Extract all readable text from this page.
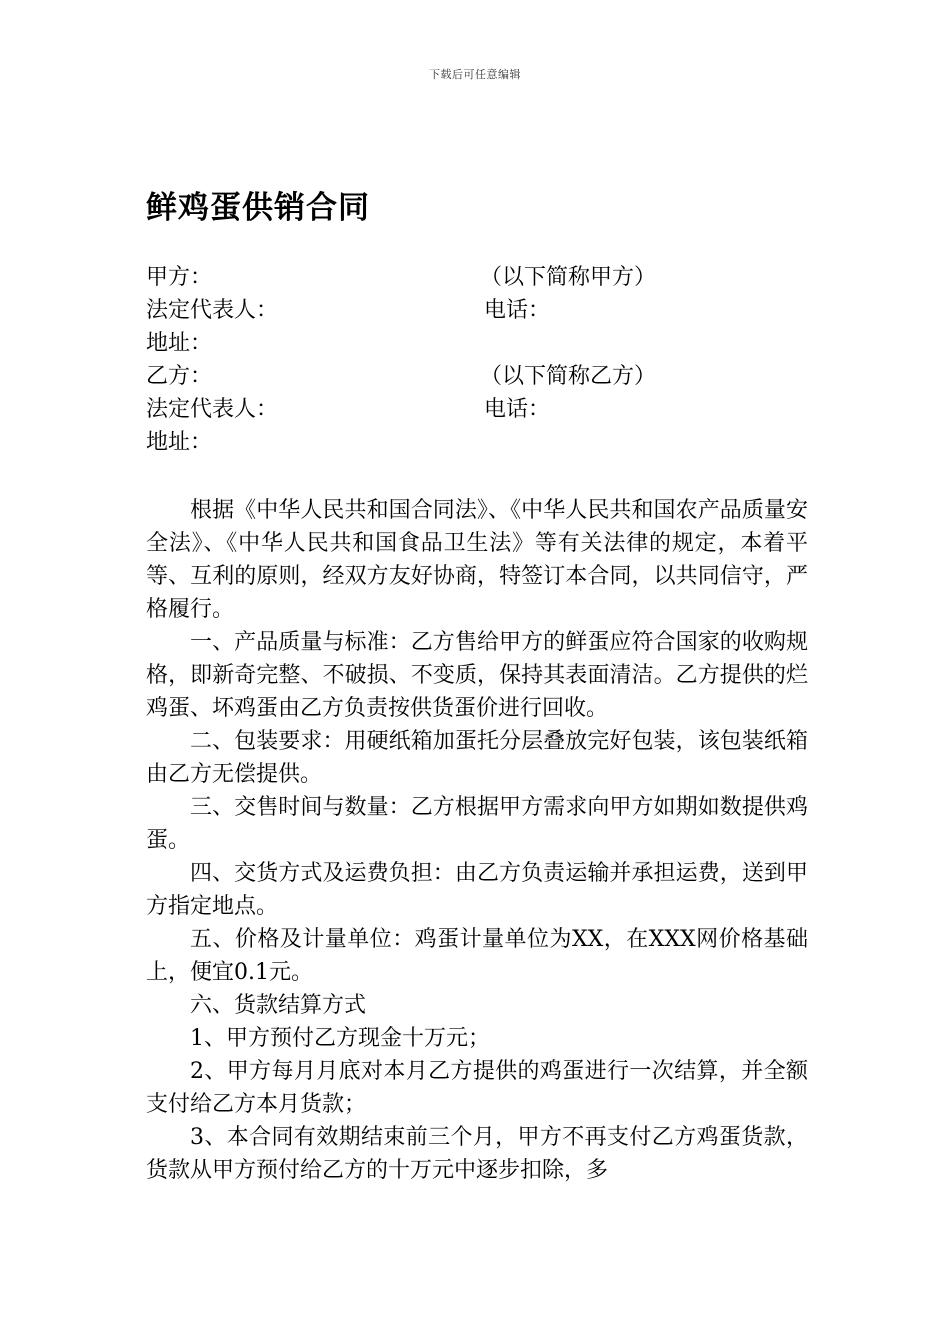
下载后可任意编辑
鲜鸡蛋供销合同
甲方：	（以下简称甲方）
法定代表人：	电话：
地址：
乙方：	（以下简称乙方）
法定代表人：	电话：
地址：

根据《中华人民共和国合同法》、《中华人民共和国农产品质量安全法》、《中华人民共和国食品卫生法》等有关法律的规定，本着平等、互利的原则，经双方友好协商，特签订本合同，以共同信守，严格履行。

一、产品质量与标准：乙方售给甲方的鲜蛋应符合国家的收购规格，即新奇完整、不破损、不变质，保持其表面清洁。乙方提供的烂鸡蛋、坏鸡蛋由乙方负责按供货蛋价进行回收。

二、包装要求：用硬纸箱加蛋托分层叠放完好包装，该包装纸箱由乙方无偿提供。

三、交售时间与数量：乙方根据甲方需求向甲方如期如数提供鸡蛋。

四、交货方式及运费负担：由乙方负责运输并承担运费，送到甲方指定地点。

五、价格及计量单位：鸡蛋计量单位为XX，在XXX网价格基础上，便宜0.1元。

六、货款结算方式

1、甲方预付乙方现金十万元；

2、甲方每月月底对本月乙方提供的鸡蛋进行一次结算，并全额支付给乙方本月货款；

3、本合同有效期结束前三个月，甲方不再支付乙方鸡蛋货款，货款从甲方预付给乙方的十万元中逐步扣除，多
